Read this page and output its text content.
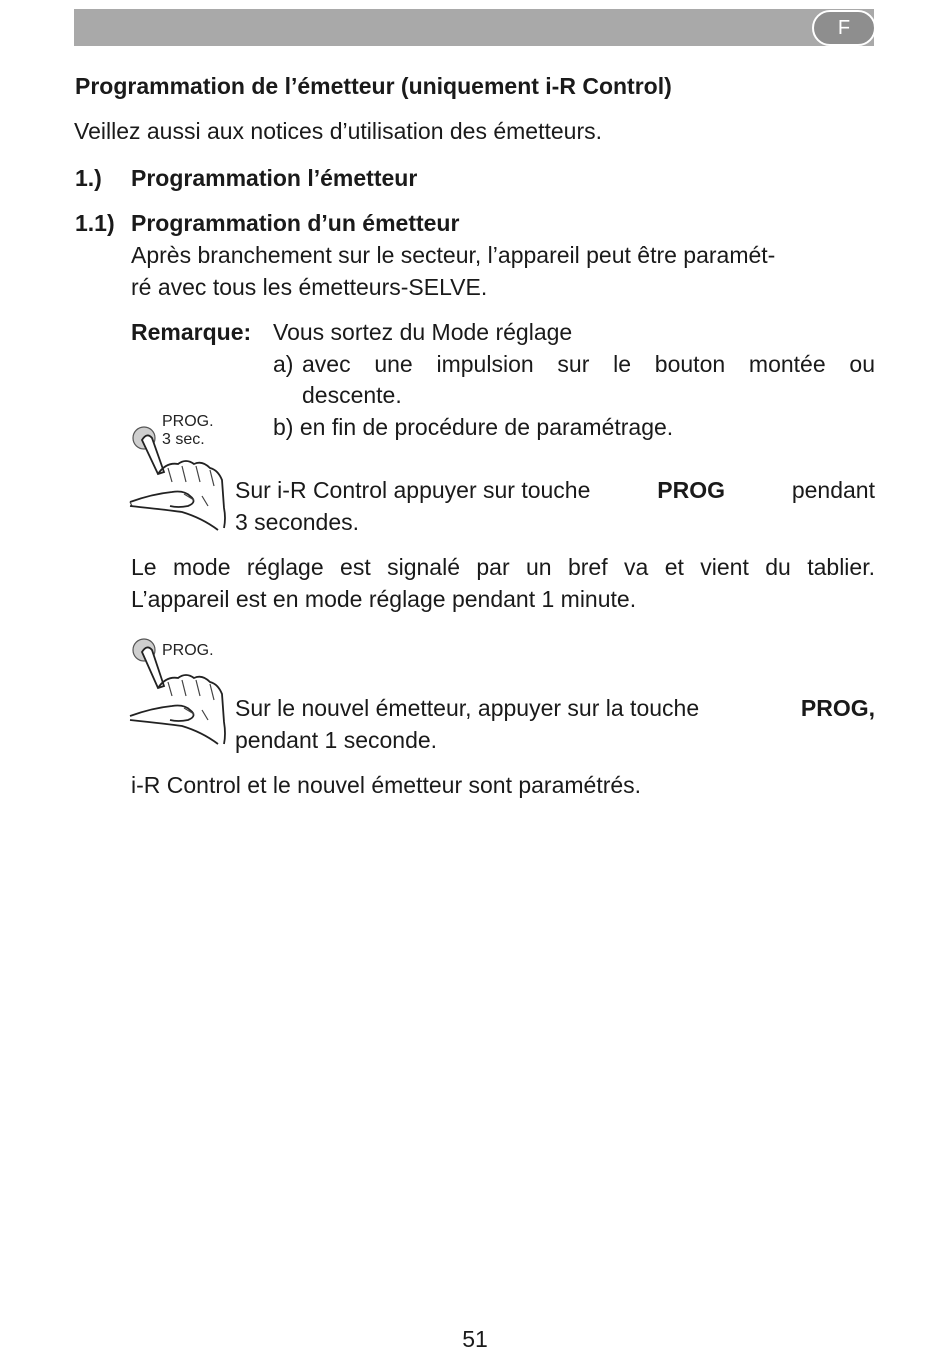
F
Programmation de l’émetteur (uniquement i-R Control)
Veillez aussi aux notices d’utilisation des émetteurs.
1.) Programmation l’émetteur
1.1) Programmation d’un émetteur
Après branchement sur le secteur, l’appareil peut être paramét-
ré avec tous les émetteurs-SELVE.
Remarque: Vous sortez du Mode réglage
a) avec une impulsion sur le bouton montée ou
descente.
b) en fin de procédure de paramétrage.
PROG.
3 sec.
Sur i-R Control appuyer sur touche	PROG	pendant
3 secondes.
Le mode réglage est signalé par un bref va et vient du tablier.
L’appareil est en mode réglage pendant 1 minute.
PROG.
Sur le nouvel émetteur, appuyer sur la touche	PROG,
pendant 1 seconde.
i-R Control et le nouvel émetteur sont paramétrés.
51
